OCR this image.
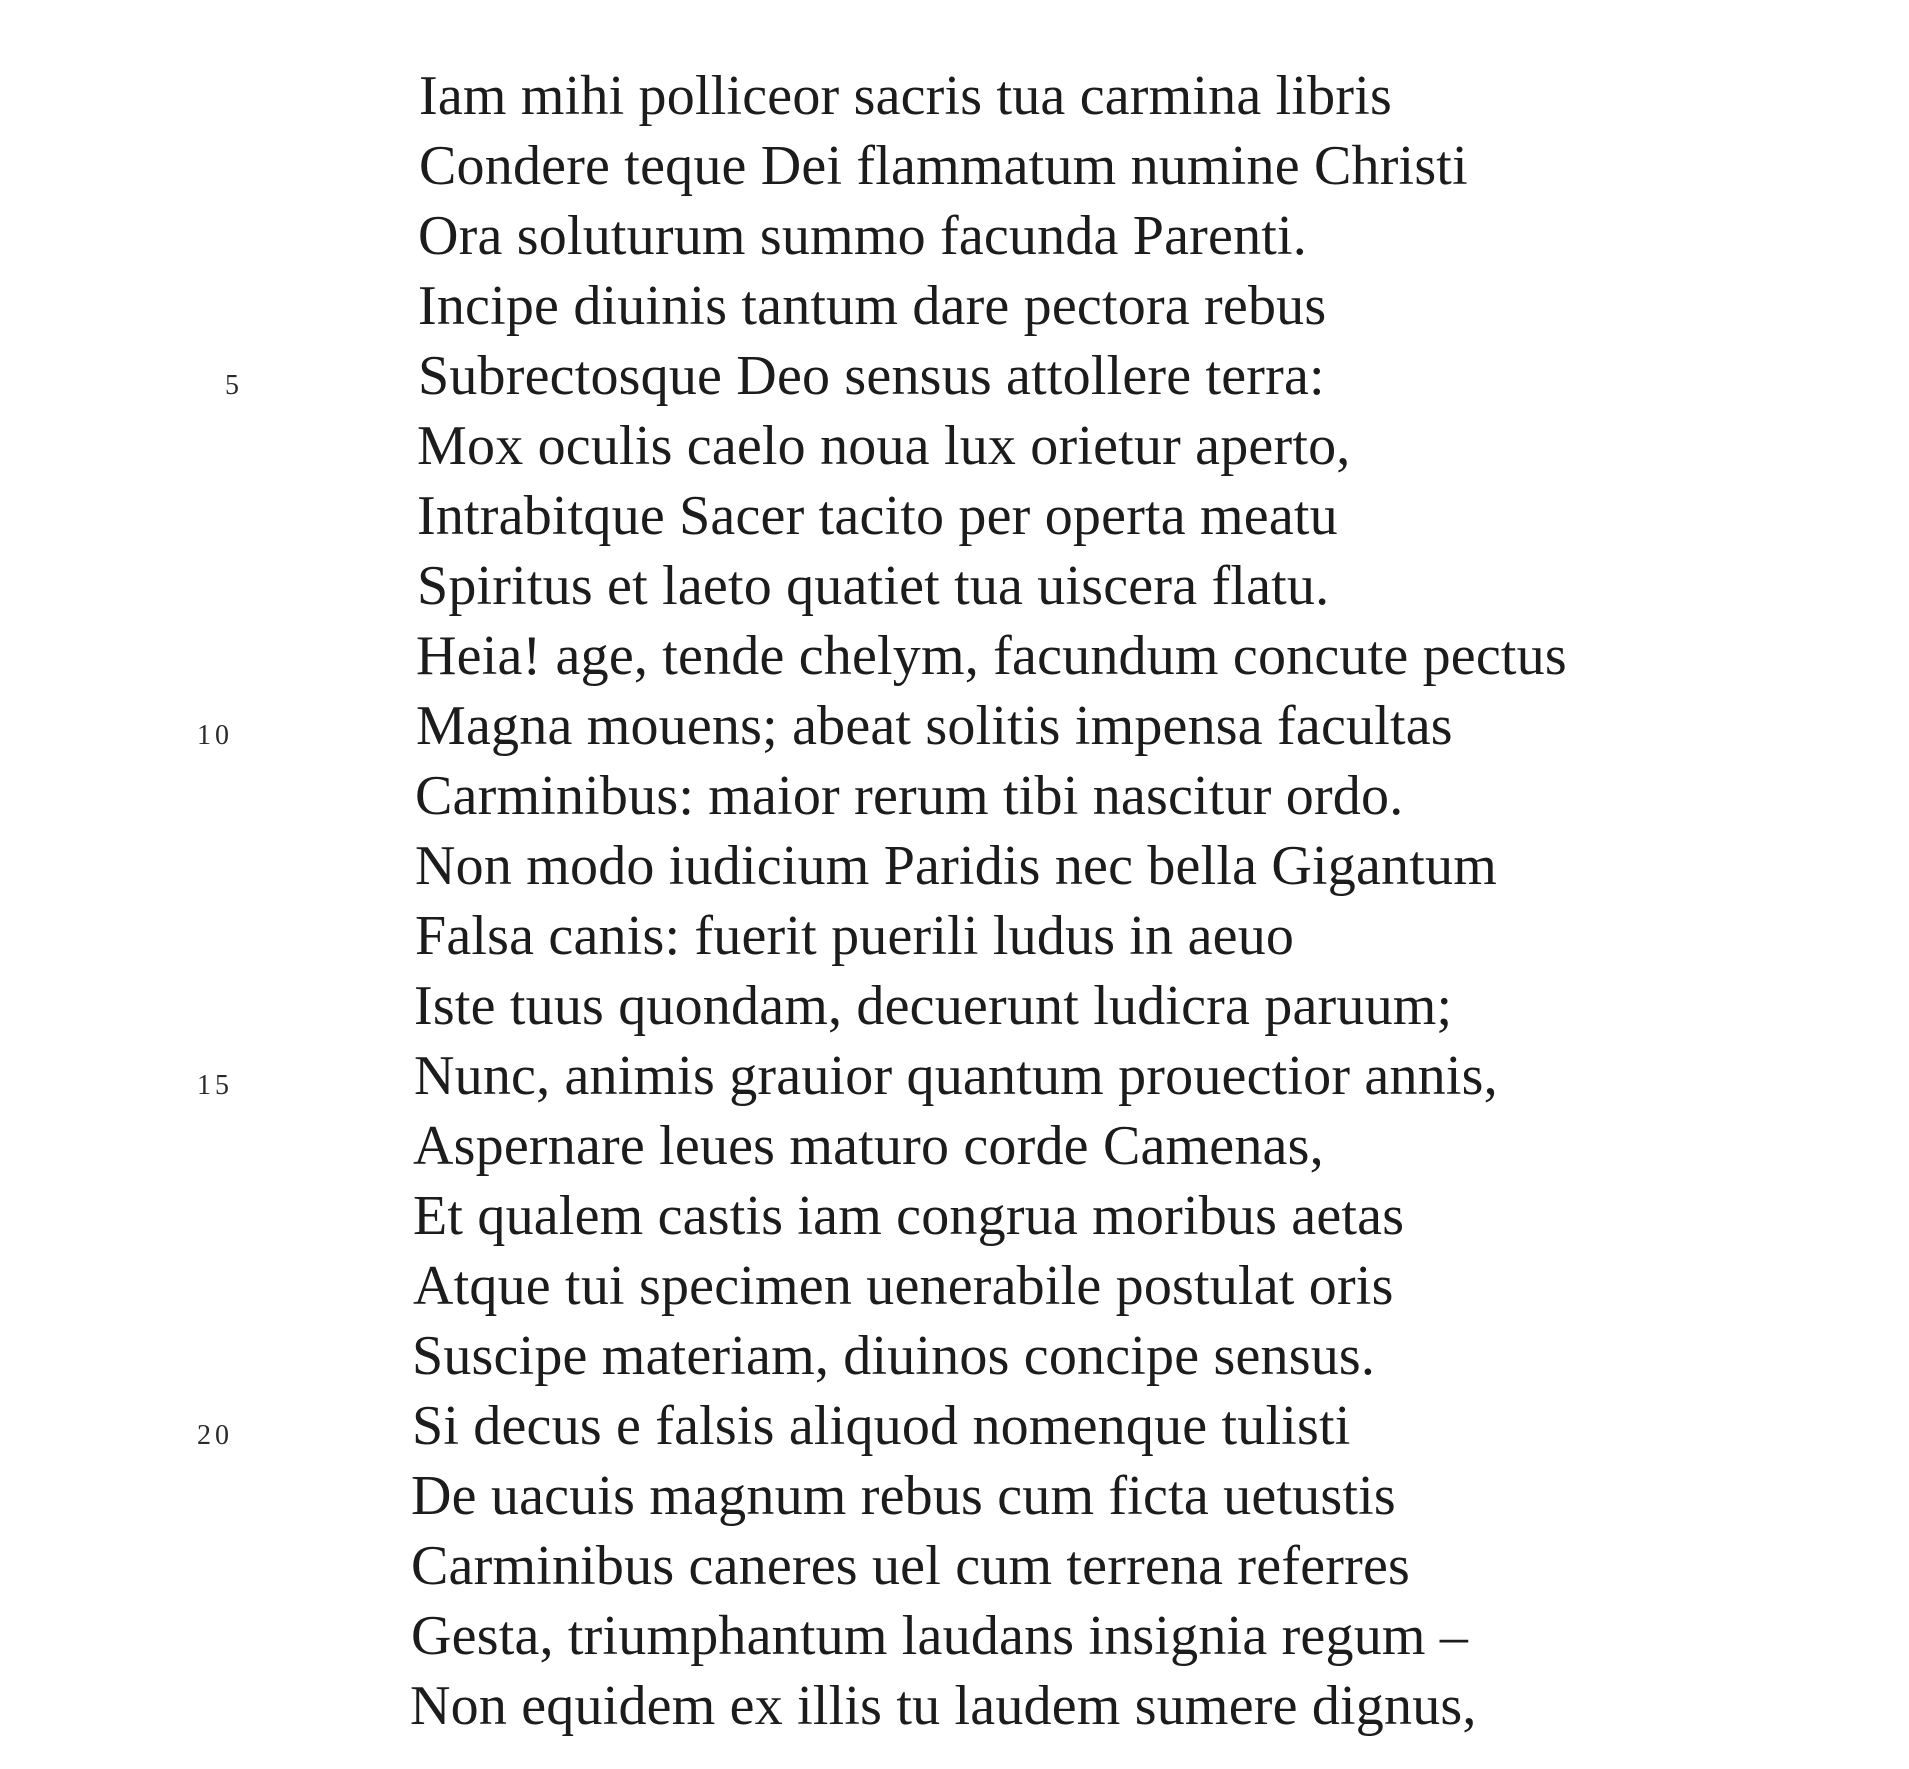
Iam mihi polliceor sacris tua carmina libris
Condere teque Dei flammatum numine Christi
Ora soluturum summo facunda Parenti.
Incipe diuinis tantum dare pectora rebus
Subrectosque Deo sensus attollere terra:
Mox oculis caelo noua lux orietur aperto,
Intrabitque Sacer tacito per operta meatu
Spiritus et laeto quatiet tua uiscera flatu.
Heia! age, tende chelym, facundum concute pectus
Magna mouens; abeat solitis impensa facultas
Carminibus: maior rerum tibi nascitur ordo.
Non modo iudicium Paridis nec bella Gigantum
Falsa canis: fuerit puerili ludus in aeuo
Iste tuus quondam, decuerunt ludicra paruum;
Nunc, animis grauior quantum prouectior annis,
Aspernare leues maturo corde Camenas,
Et qualem castis iam congrua moribus aetas
Atque tui specimen uenerabile postulat oris
Suscipe materiam, diuinos concipe sensus.
Si decus e falsis aliquod nomenque tulisti
De uacuis magnum rebus cum ficta uetustis
Carminibus caneres uel cum terrena referres
Gesta, triumphantum laudans insignia regum –
Non equidem ex illis tu laudem sumere dignus,
5
10
15
20
